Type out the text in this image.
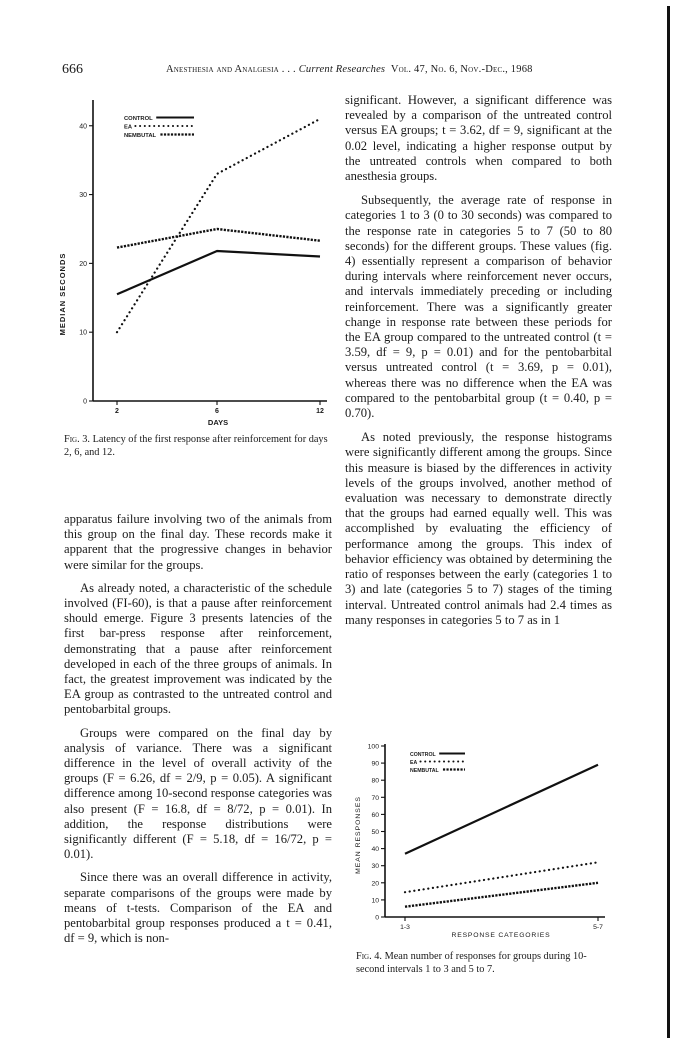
666	Anesthesia and Analgesia . . . Current Researches Vol. 47, No. 6, Nov.-Dec., 1968
0
10
20
30
40
2	6	12
CONTROL
EA
NEMBUTAL
MEDIAN SECONDS
DAYS
Fig. 3. Latency of the first response after reinforcement for days 2, 6, and 12.

apparatus failure involving two of the animals from this group on the final day. These records make it apparent that the progressive changes in behavior were similar for the groups.

As already noted, a characteristic of the schedule involved (FI-60), is that a pause after reinforcement should emerge. Figure 3 presents latencies of the first bar-press response after reinforcement, demonstrating that a pause after reinforcement developed in each of the three groups of animals. In fact, the greatest improvement was indicated by the EA group as contrasted to the untreated control and pentobarbital groups.

Groups were compared on the final day by analysis of variance. There was a significant difference in the level of overall activity of the groups (F = 6.26, df = 2/9, p = 0.05). A significant difference among 10-second response categories was also present (F = 16.8, df = 8/72, p = 0.01). In addition, the response distributions were significantly different (F = 5.18, df = 16/72, p = 0.01).

Since there was an overall difference in activity, separate comparisons of the groups were made by means of t-tests. Comparison of the EA and pentobarbital group responses produced a t = 0.41, df = 9, which is non-

significant. However, a significant difference was revealed by a comparison of the untreated control versus EA groups; t = 3.62, df = 9, significant at the 0.02 level, indicating a higher response output by the untreated controls when compared to both anesthesia groups.

Subsequently, the average rate of response in categories 1 to 3 (0 to 30 seconds) was compared to the response rate in categories 5 to 7 (50 to 80 seconds) for the different groups. These values (fig. 4) essentially represent a comparison of behavior during intervals where reinforcement never occurs, and intervals immediately preceding or including reinforcement. There was a significantly greater change in response rate between these periods for the EA group compared to the untreated control (t = 3.59, df = 9, p = 0.01) and for the pentobarbital versus untreated control (t = 3.69, p = 0.01), whereas there was no difference when the EA was compared to the pentobarbital group (t = 0.40, p = 0.70).

As noted previously, the response histograms were significantly different among the groups. Since this measure is biased by the differences in activity levels of the groups involved, another method of evaluation was necessary to demonstrate directly that the groups had earned equally well. This was accomplished by evaluating the efficiency of performance among the groups. This index of behavior efficiency was obtained by determining the ratio of responses between the early (categories 1 to 3) and late (categories 5 to 7) stages of the timing interval. Untreated control animals had 2.4 times as many responses in categories 5 to 7 as in 1

0
10
20
30
40
50
60
70
80
90
100
1-3	5-7
CONTROL
EA
NEMBUTAL
MEAN RESPONSES
RESPONSE CATEGORIES
Fig. 4. Mean number of responses for groups during 10-second intervals 1 to 3 and 5 to 7.
